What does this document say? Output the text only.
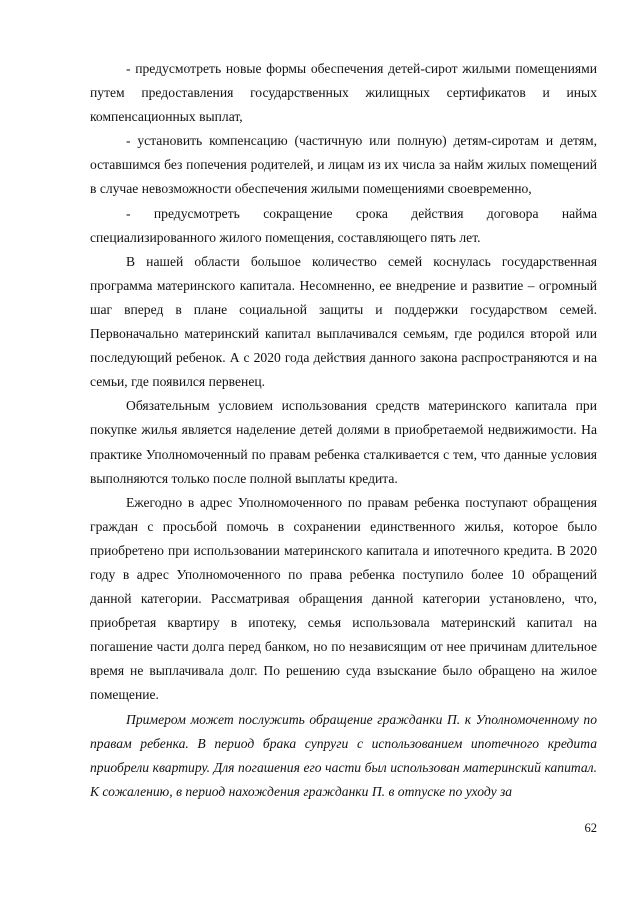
- предусмотреть новые формы обеспечения детей-сирот жилыми помещениями путем предоставления государственных жилищных сертификатов и иных компенсационных выплат,

- установить компенсацию (частичную или полную) детям-сиротам и детям, оставшимся без попечения родителей, и лицам из их числа за найм жилых помещений в случае невозможности обеспечения жилыми помещениями своевременно,

- предусмотреть сокращение срока действия договора найма специализированного жилого помещения, составляющего пять лет.

В нашей области большое количество семей коснулась государственная программа материнского капитала. Несомненно, ее внедрение и развитие – огромный шаг вперед в плане социальной защиты и поддержки государством семей. Первоначально материнский капитал выплачивался семьям, где родился второй или последующий ребенок. А с 2020 года действия данного закона распространяются и на семьи, где появился первенец.

Обязательным условием использования средств материнского капитала при покупке жилья является наделение детей долями в приобретаемой недвижимости. На практике Уполномоченный по правам ребенка сталкивается с тем, что данные условия выполняются только после полной выплаты кредита.

Ежегодно в адрес Уполномоченного по правам ребенка поступают обращения граждан с просьбой помочь в сохранении единственного жилья, которое было приобретено при использовании материнского капитала и ипотечного кредита. В 2020 году в адрес Уполномоченного по права ребенка поступило более 10 обращений данной категории. Рассматривая обращения данной категории установлено, что, приобретая квартиру в ипотеку, семья использовала материнский капитал на погашение части долга перед банком, но по независящим от нее причинам длительное время не выплачивала долг. По решению суда взыскание было обращено на жилое помещение.

Примером может послужить обращение гражданки П. к Уполномоченному по правам ребенка. В период брака супруги с использованием ипотечного кредита приобрели квартиру. Для погашения его части был использован материнский капитал. К сожалению, в период нахождения гражданки П. в отпуске по уходу за

62
